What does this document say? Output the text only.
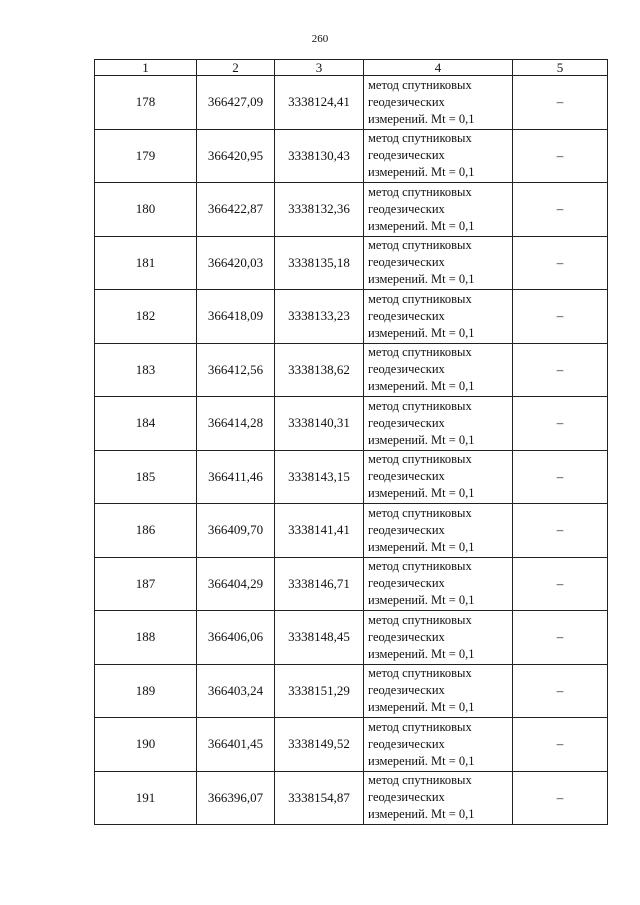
260
1	2	3	4	5
178	366427,09	3338124,41	метод спутниковых
геодезических
измерений. Mt = 0,1	–
179	366420,95	3338130,43	метод спутниковых
геодезических
измерений. Mt = 0,1	–
180	366422,87	3338132,36	метод спутниковых
геодезических
измерений. Mt = 0,1	–
181	366420,03	3338135,18	метод спутниковых
геодезических
измерений. Mt = 0,1	–
182	366418,09	3338133,23	метод спутниковых
геодезических
измерений. Mt = 0,1	–
183	366412,56	3338138,62	метод спутниковых
геодезических
измерений. Mt = 0,1	–
184	366414,28	3338140,31	метод спутниковых
геодезических
измерений. Mt = 0,1	–
185	366411,46	3338143,15	метод спутниковых
геодезических
измерений. Mt = 0,1	–
186	366409,70	3338141,41	метод спутниковых
геодезических
измерений. Mt = 0,1	–
187	366404,29	3338146,71	метод спутниковых
геодезических
измерений. Mt = 0,1	–
188	366406,06	3338148,45	метод спутниковых
геодезических
измерений. Mt = 0,1	–
189	366403,24	3338151,29	метод спутниковых
геодезических
измерений. Mt = 0,1	–
190	366401,45	3338149,52	метод спутниковых
геодезических
измерений. Mt = 0,1	–
191	366396,07	3338154,87	метод спутниковых
геодезических
измерений. Mt = 0,1	–
